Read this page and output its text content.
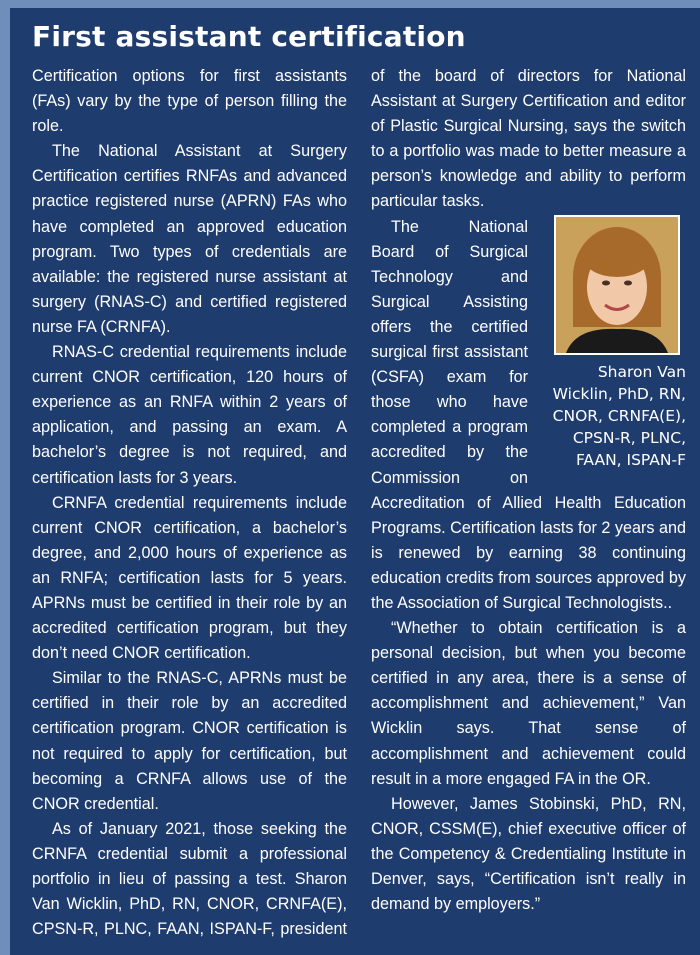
First assistant certification

Certification options for first assistants (FAs) vary by the type of person filling the role.

The National Assistant at Surgery Certification certifies RNFAs and advanced practice registered nurse (APRN) FAs who have completed an approved education program. Two types of credentials are available: the registered nurse assistant at surgery (RNAS-C) and certified registered nurse FA (CRNFA).

RNAS-C credential requirements include current CNOR certification, 120 hours of experience as an RNFA within 2 years of application, and passing an exam. A bachelor’s degree is not required, and certification lasts for 3 years.

CRNFA credential requirements include current CNOR certification, a bachelor’s degree, and 2,000 hours of experience as an RNFA; certification lasts for 5 years. APRNs must be certified in their role by an accredited certification program, but they don’t need CNOR certification.

Similar to the RNAS-C, APRNs must be certified in their role by an accredited certification program. CNOR certification is not required to apply for certification, but becoming a CRNFA allows use of the CNOR credential.

As of January 2021, those seeking the CRNFA credential submit a professional portfolio in lieu of passing a test. Sharon Van Wicklin, PhD, RN, CNOR, CRNFA(E), CPSN-R, PLNC, FAAN, ISPAN-F, president of the board of directors for National Assistant at Surgery Certification and editor of Plastic Surgical Nursing, says the switch to a portfolio was made to better measure a person’s knowledge and ability to perform particular tasks.

Sharon Van Wicklin, PhD, RN, CNOR, CRNFA(E), CPSN-R, PLNC, FAAN, ISPAN-F

The National Board of Surgical Technology and Surgical Assisting offers the certified surgical first assistant (CSFA) exam for those who have completed a program accredited by the Commission on Accreditation of Allied Health Education Programs. Certification lasts for 2 years and is renewed by earning 38 continuing education credits from sources approved by the Association of Surgical Technologists..

“Whether to obtain certification is a personal decision, but when you become certified in any area, there is a sense of accomplishment and achievement,” Van Wicklin says. That sense of accomplishment and achievement could result in a more engaged FA in the OR.

However, James Stobinski, PhD, RN, CNOR, CSSM(E), chief executive officer of the Competency & Credentialing Institute in Denver, says, “Certification isn’t really in demand by employers.”
